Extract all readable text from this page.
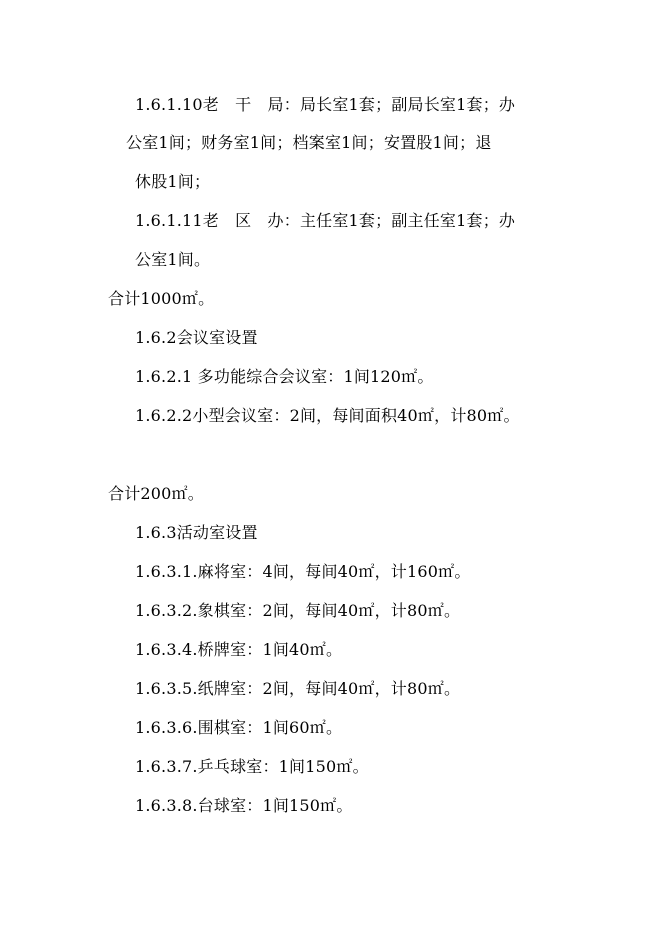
1.6.1.10老　干　局：局长室1套；副局长室1套；办
公室1间；财务室1间；档案室1间；安置股1间；退
休股1间；
1.6.1.11老　区　办：主任室1套；副主任室1套；办
公室1间。
合计1000㎡。
1.6.2会议室设置
1.6.2.1 多功能综合会议室：1间120㎡。
1.6.2.2小型会议室：2间，每间面积40㎡，计80㎡。
合计200㎡。
1.6.3活动室设置
1.6.3.1.麻将室：4间，每间40㎡，计160㎡。
1.6.3.2.象棋室：2间，每间40㎡，计80㎡。
1.6.3.4.桥牌室：1间40㎡。
1.6.3.5.纸牌室：2间，每间40㎡，计80㎡。
1.6.3.6.围棋室：1间60㎡。
1.6.3.7.乒乓球室：1间150㎡。
1.6.3.8.台球室：1间150㎡。
